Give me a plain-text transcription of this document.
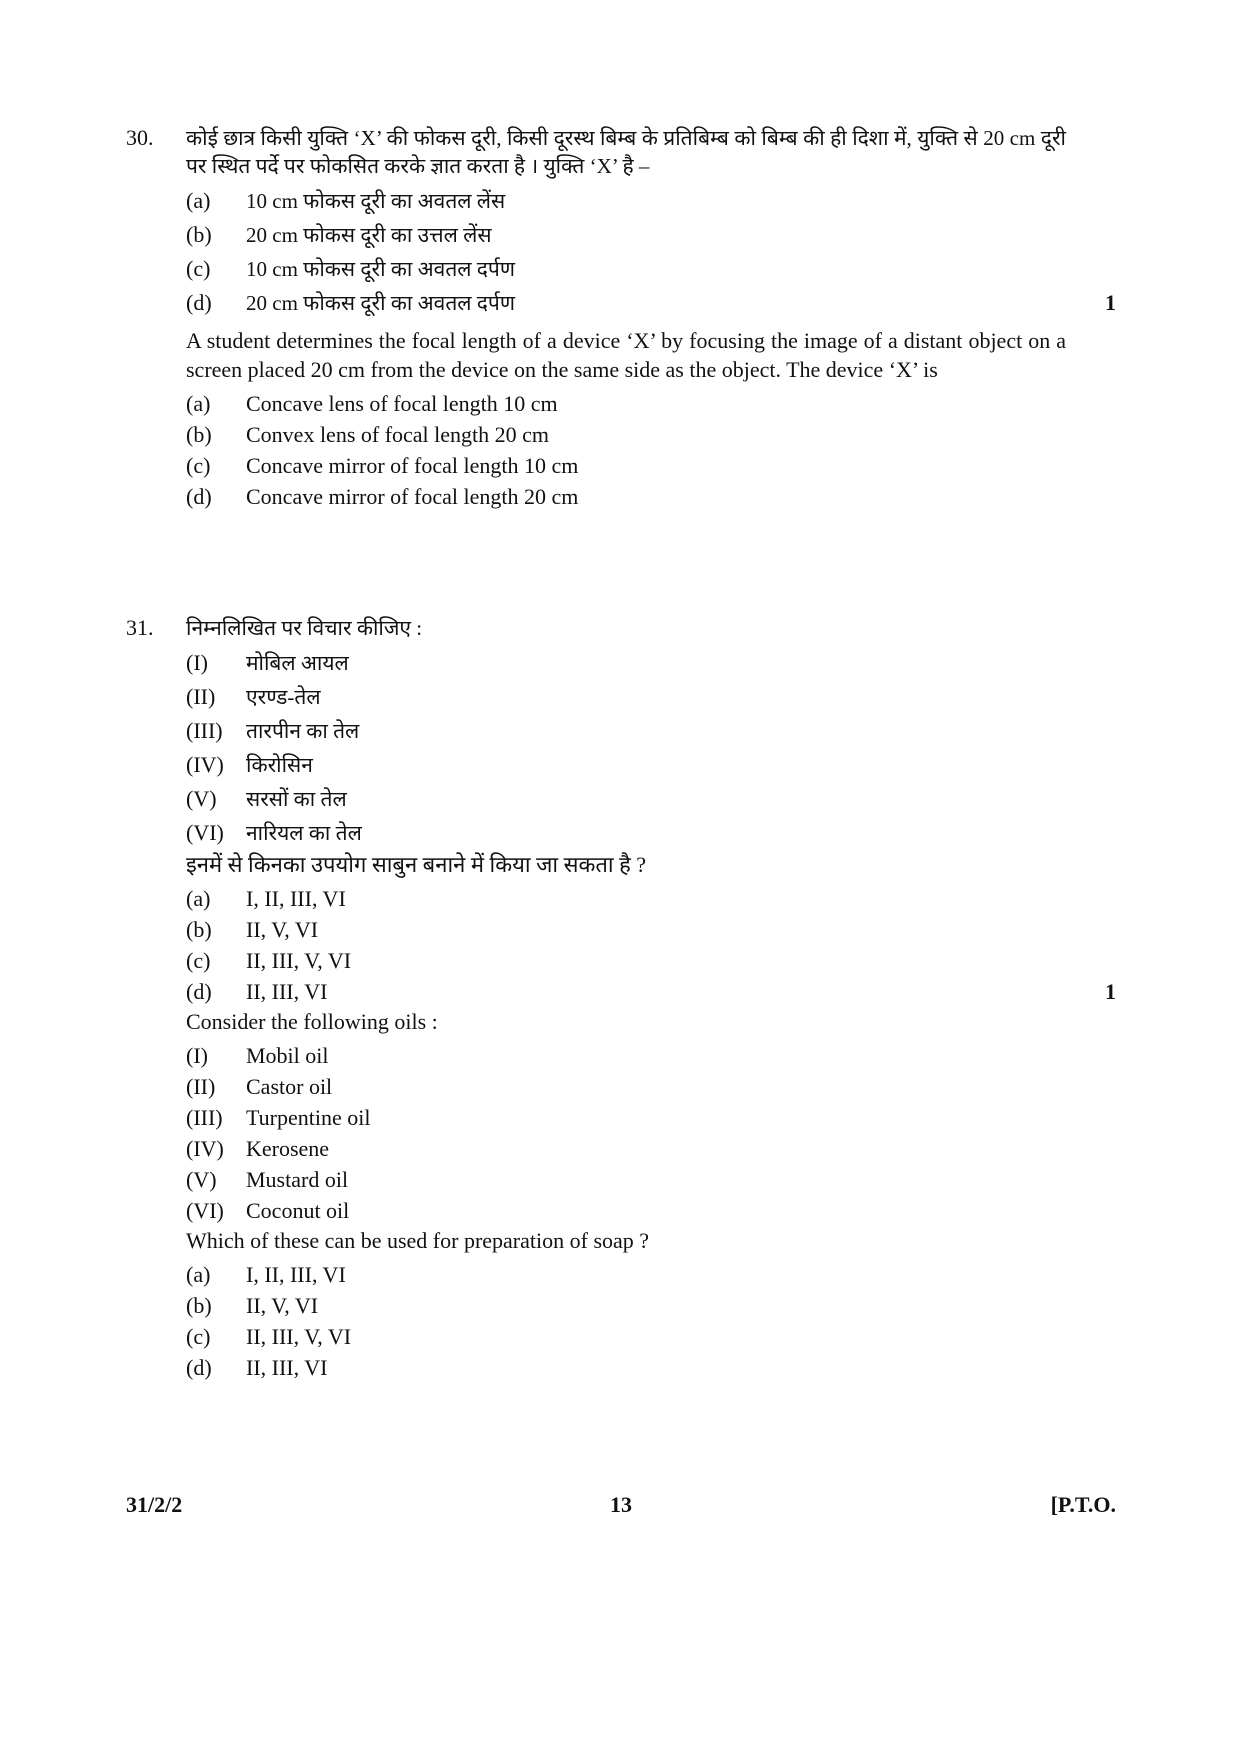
30.	कोई छात्र किसी युक्ति ‘X’ की फोकस दूरी, किसी दूरस्थ बिम्ब के प्रतिबिम्ब को बिम्ब की ही दिशा में, युक्ति से 20 cm दूरी पर स्थित पर्दे पर फोकसित करके ज्ञात करता है । युक्ति ‘X’ है –
(a)	10 cm फोकस दूरी का अवतल लेंस
(b)	20 cm फोकस दूरी का उत्तल लेंस
(c)	10 cm फोकस दूरी का अवतल दर्पण
(d)	20 cm फोकस दूरी का अवतल दर्पण	1
A student determines the focal length of a device ‘X’ by focusing the image of a distant object on a screen placed 20 cm from the device on the same side as the object. The device ‘X’ is
(a)	Concave lens of focal length 10 cm
(b)	Convex lens of focal length 20 cm
(c)	Concave mirror of focal length 10 cm
(d)	Concave mirror of focal length 20 cm
31.	निम्नलिखित पर विचार कीजिए :
(I)	मोबिल आयल
(II)	एरण्ड-तेल
(III)	तारपीन का तेल
(IV)	किरोसिन
(V)	सरसों का तेल
(VI)	नारियल का तेल
इनमें से किनका उपयोग साबुन बनाने में किया जा सकता है ?
(a)	I, II, III, VI
(b)	II, V, VI
(c)	II, III, V, VI
(d)	II, III, VI	1
Consider the following oils :
(I)	Mobil oil
(II)	Castor oil
(III)	Turpentine oil
(IV)	Kerosene
(V)	Mustard oil
(VI)	Coconut oil
Which of these can be used for preparation of soap ?
(a)	I, II, III, VI
(b)	II, V, VI
(c)	II, III, V, VI
(d)	II, III, VI
31/2/2	13	[P.T.O.
